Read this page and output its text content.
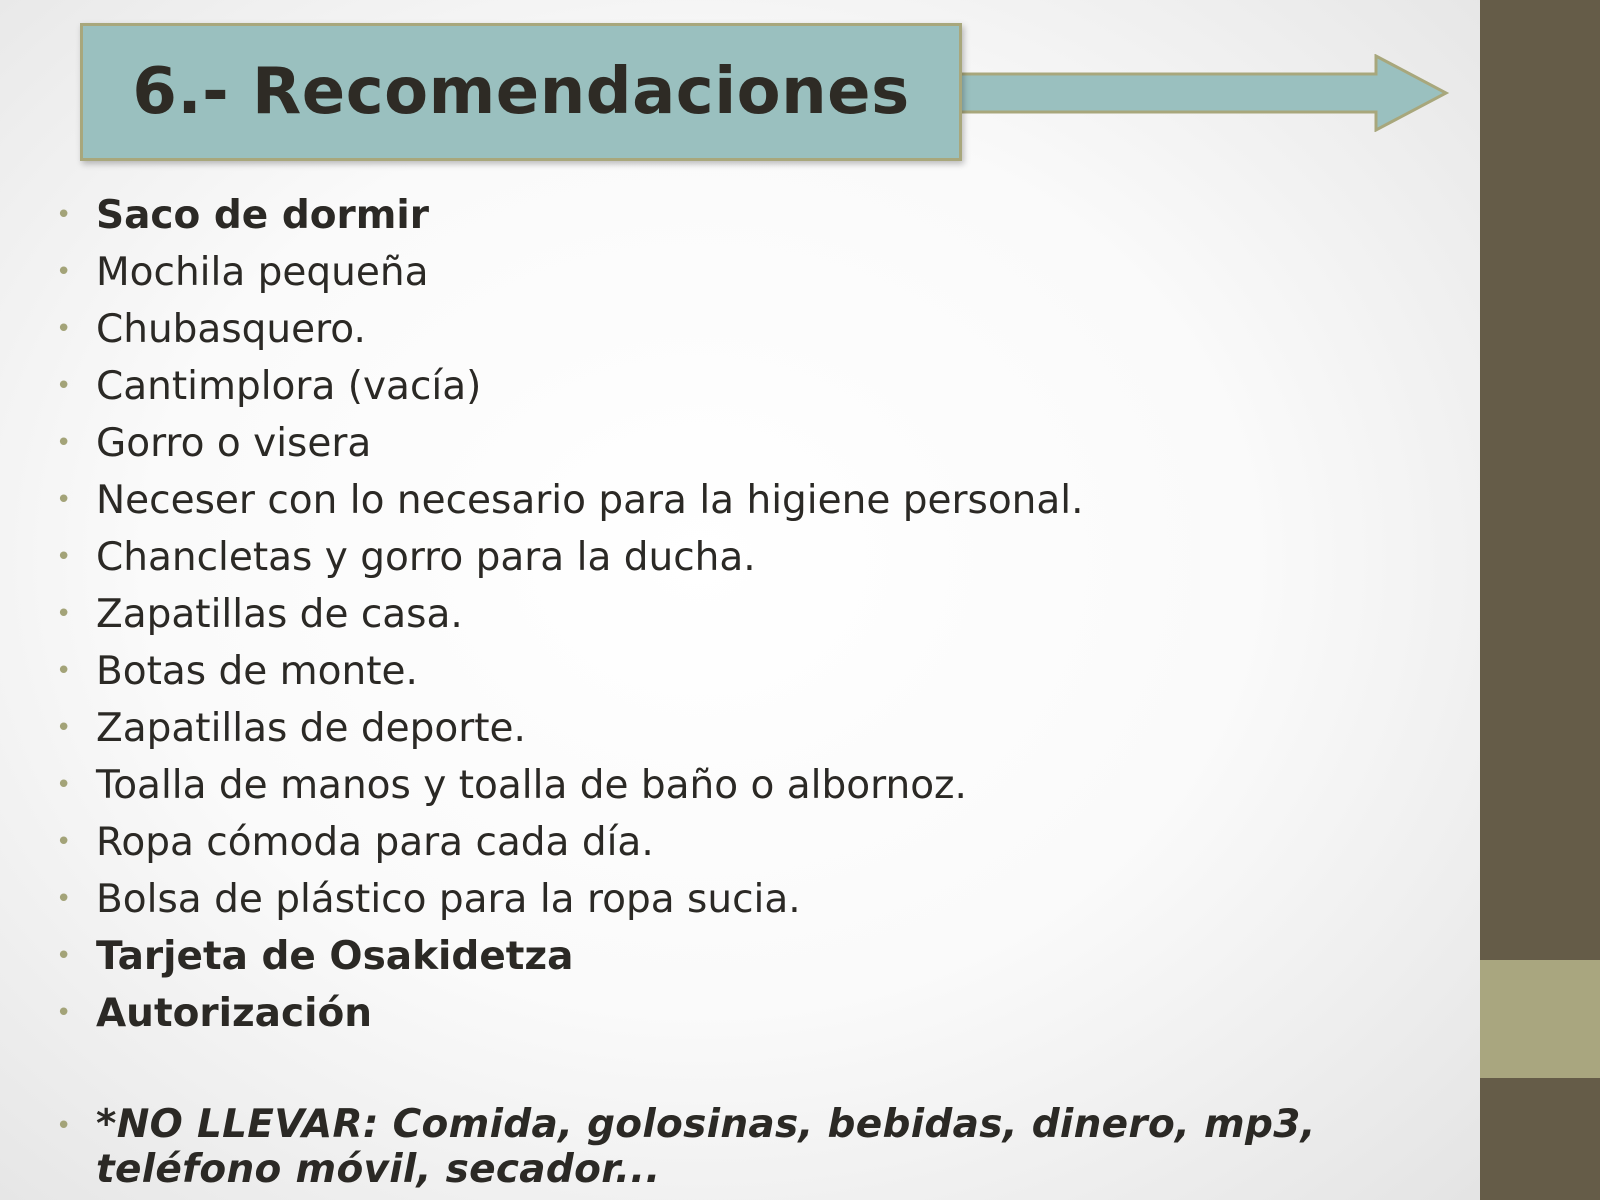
6.- Recomendaciones
• Saco de dormir
• Mochila pequeña
• Chubasquero.
• Cantimplora (vacía)
• Gorro o visera
• Neceser con lo necesario para la higiene personal.
• Chancletas y gorro para la ducha.
• Zapatillas de casa.
• Botas de monte.
• Zapatillas de deporte.
• Toalla de manos y toalla de baño o albornoz.
• Ropa cómoda para cada día.
• Bolsa de plástico para la ropa sucia.
• Tarjeta de Osakidetza
• Autorización
• *NO LLEVAR: Comida, golosinas, bebidas, dinero, mp3, teléfono móvil, secador...
